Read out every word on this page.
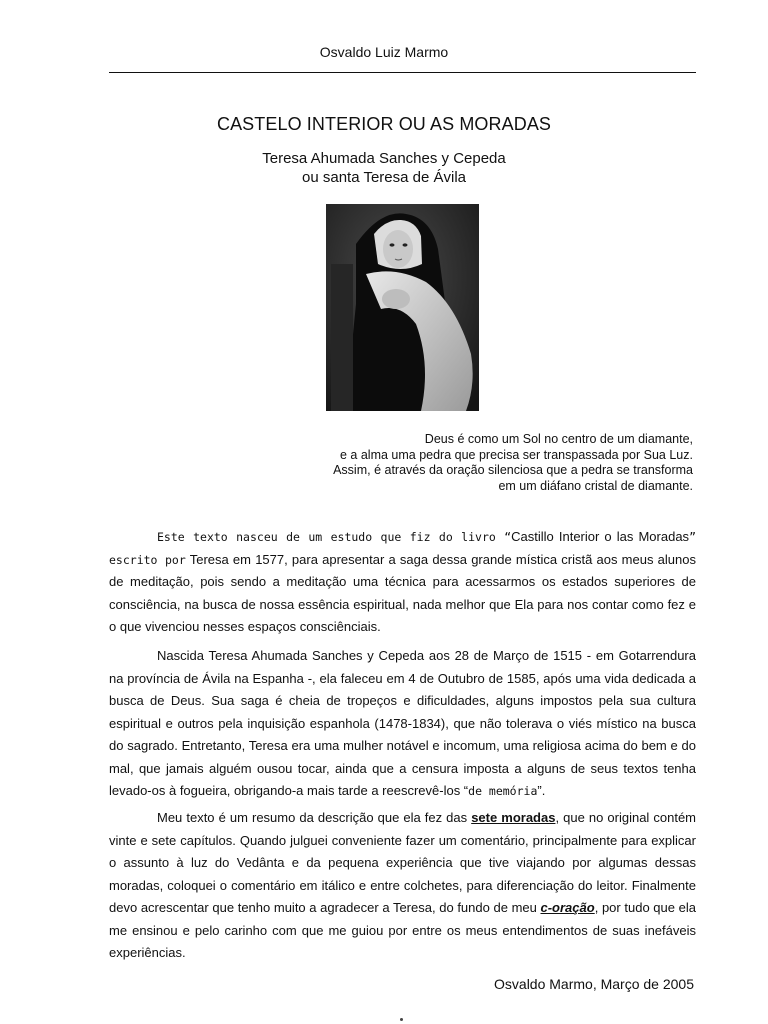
Osvaldo Luiz Marmo
CASTELO INTERIOR OU AS MORADAS
Teresa Ahumada Sanches y Cepeda
ou santa Teresa de Ávila
Deus é como um Sol no centro de um diamante,
e a alma uma pedra que precisa ser transpassada por Sua Luz.
Assim, é através da oração silenciosa que a pedra se transforma
em um diáfano cristal de diamante.

Este texto nasceu de um estudo que fiz do livro “Castillo Interior o las Moradas” escrito por Teresa em 1577, para apresentar a saga dessa grande mística cristã aos meus alunos de meditação, pois sendo a meditação uma técnica para acessarmos os estados superiores de consciência, na busca de nossa essência espiritual, nada melhor que Ela para nos contar como fez e o que vivenciou nesses espaços consciênciais.

Nascida Teresa Ahumada Sanches y Cepeda aos 28 de Março de 1515 - em Gotarrendura na província de Ávila na Espanha -, ela faleceu em 4 de Outubro de 1585, após uma vida dedicada a busca de Deus. Sua saga é cheia de tropeços e dificuldades, alguns impostos pela sua cultura espiritual e outros pela inquisição espanhola (1478-1834), que não tolerava o viés místico na busca do sagrado. Entretanto, Teresa era uma mulher notável e incomum, uma religiosa acima do bem e do mal, que jamais alguém ousou tocar, ainda que a censura imposta a alguns de seus textos tenha levado-os à fogueira, obrigando-a mais tarde a reescrevê-los “de memória”.

Meu texto é um resumo da descrição que ela fez das sete moradas, que no original contém vinte e sete capítulos. Quando julguei conveniente fazer um comentário, principalmente para explicar o assunto à luz do Vedânta e da pequena experiência que tive viajando por algumas dessas moradas, coloquei o comentário em itálico e entre colchetes, para diferenciação do leitor. Finalmente devo acrescentar que tenho muito a agradecer a Teresa, do fundo de meu c-oração, por tudo que ela me ensinou e pelo carinho com que me guiou por entre os meus entendimentos de suas inefáveis experiências.

Osvaldo Marmo, Março de 2005
